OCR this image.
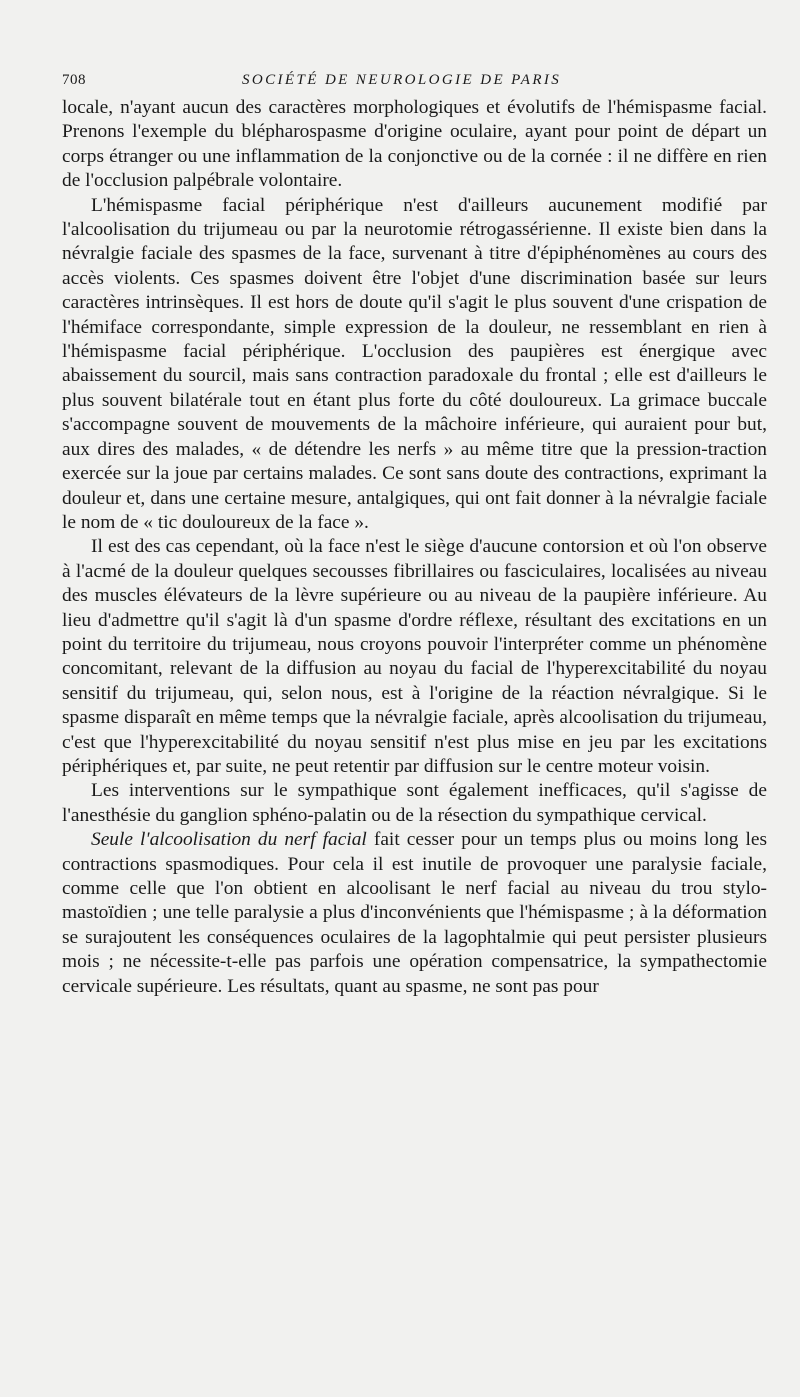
708	SOCIÉTÉ DE NEUROLOGIE DE PARIS

locale, n'ayant aucun des caractères morphologiques et évolutifs de l'hémispasme facial. Prenons l'exemple du blépharospasme d'origine oculaire, ayant pour point de départ un corps étranger ou une inflammation de la conjonctive ou de la cornée : il ne diffère en rien de l'occlusion palpébrale volontaire.

L'hémispasme facial périphérique n'est d'ailleurs aucunement modifié par l'alcoolisation du trijumeau ou par la neurotomie rétrogassérienne. Il existe bien dans la névralgie faciale des spasmes de la face, survenant à titre d'épiphénomènes au cours des accès violents. Ces spasmes doivent être l'objet d'une discrimination basée sur leurs caractères intrinsèques. Il est hors de doute qu'il s'agit le plus souvent d'une crispation de l'hémiface correspondante, simple expression de la douleur, ne ressemblant en rien à l'hémispasme facial périphérique. L'occlusion des paupières est énergique avec abaissement du sourcil, mais sans contraction paradoxale du frontal ; elle est d'ailleurs le plus souvent bilatérale tout en étant plus forte du côté douloureux. La grimace buccale s'accompagne souvent de mouvements de la mâchoire inférieure, qui auraient pour but, aux dires des malades, « de détendre les nerfs » au même titre que la pression-traction exercée sur la joue par certains malades. Ce sont sans doute des contractions, exprimant la douleur et, dans une certaine mesure, antalgiques, qui ont fait donner à la névralgie faciale le nom de « tic douloureux de la face ».

Il est des cas cependant, où la face n'est le siège d'aucune contorsion et où l'on observe à l'acmé de la douleur quelques secousses fibrillaires ou fasciculaires, localisées au niveau des muscles élévateurs de la lèvre supérieure ou au niveau de la paupière inférieure. Au lieu d'admettre qu'il s'agit là d'un spasme d'ordre réflexe, résultant des excitations en un point du territoire du trijumeau, nous croyons pouvoir l'interpréter comme un phénomène concomitant, relevant de la diffusion au noyau du facial de l'hyperexcitabilité du noyau sensitif du trijumeau, qui, selon nous, est à l'origine de la réaction névralgique. Si le spasme disparaît en même temps que la névralgie faciale, après alcoolisation du trijumeau, c'est que l'hyperexcitabilité du noyau sensitif n'est plus mise en jeu par les excitations périphériques et, par suite, ne peut retentir par diffusion sur le centre moteur voisin.

Les interventions sur le sympathique sont également inefficaces, qu'il s'agisse de l'anesthésie du ganglion sphéno-palatin ou de la résection du sympathique cervical.

Seule l'alcoolisation du nerf facial fait cesser pour un temps plus ou moins long les contractions spasmodiques. Pour cela il est inutile de provoquer une paralysie faciale, comme celle que l'on obtient en alcoolisant le nerf facial au niveau du trou stylo-mastoïdien ; une telle paralysie a plus d'inconvénients que l'hémispasme ; à la déformation se surajoutent les conséquences oculaires de la lagophtalmie qui peut persister plusieurs mois ; ne nécessite-t-elle pas parfois une opération compensatrice, la sympathectomie cervicale supérieure. Les résultats, quant au spasme, ne sont pas pour
